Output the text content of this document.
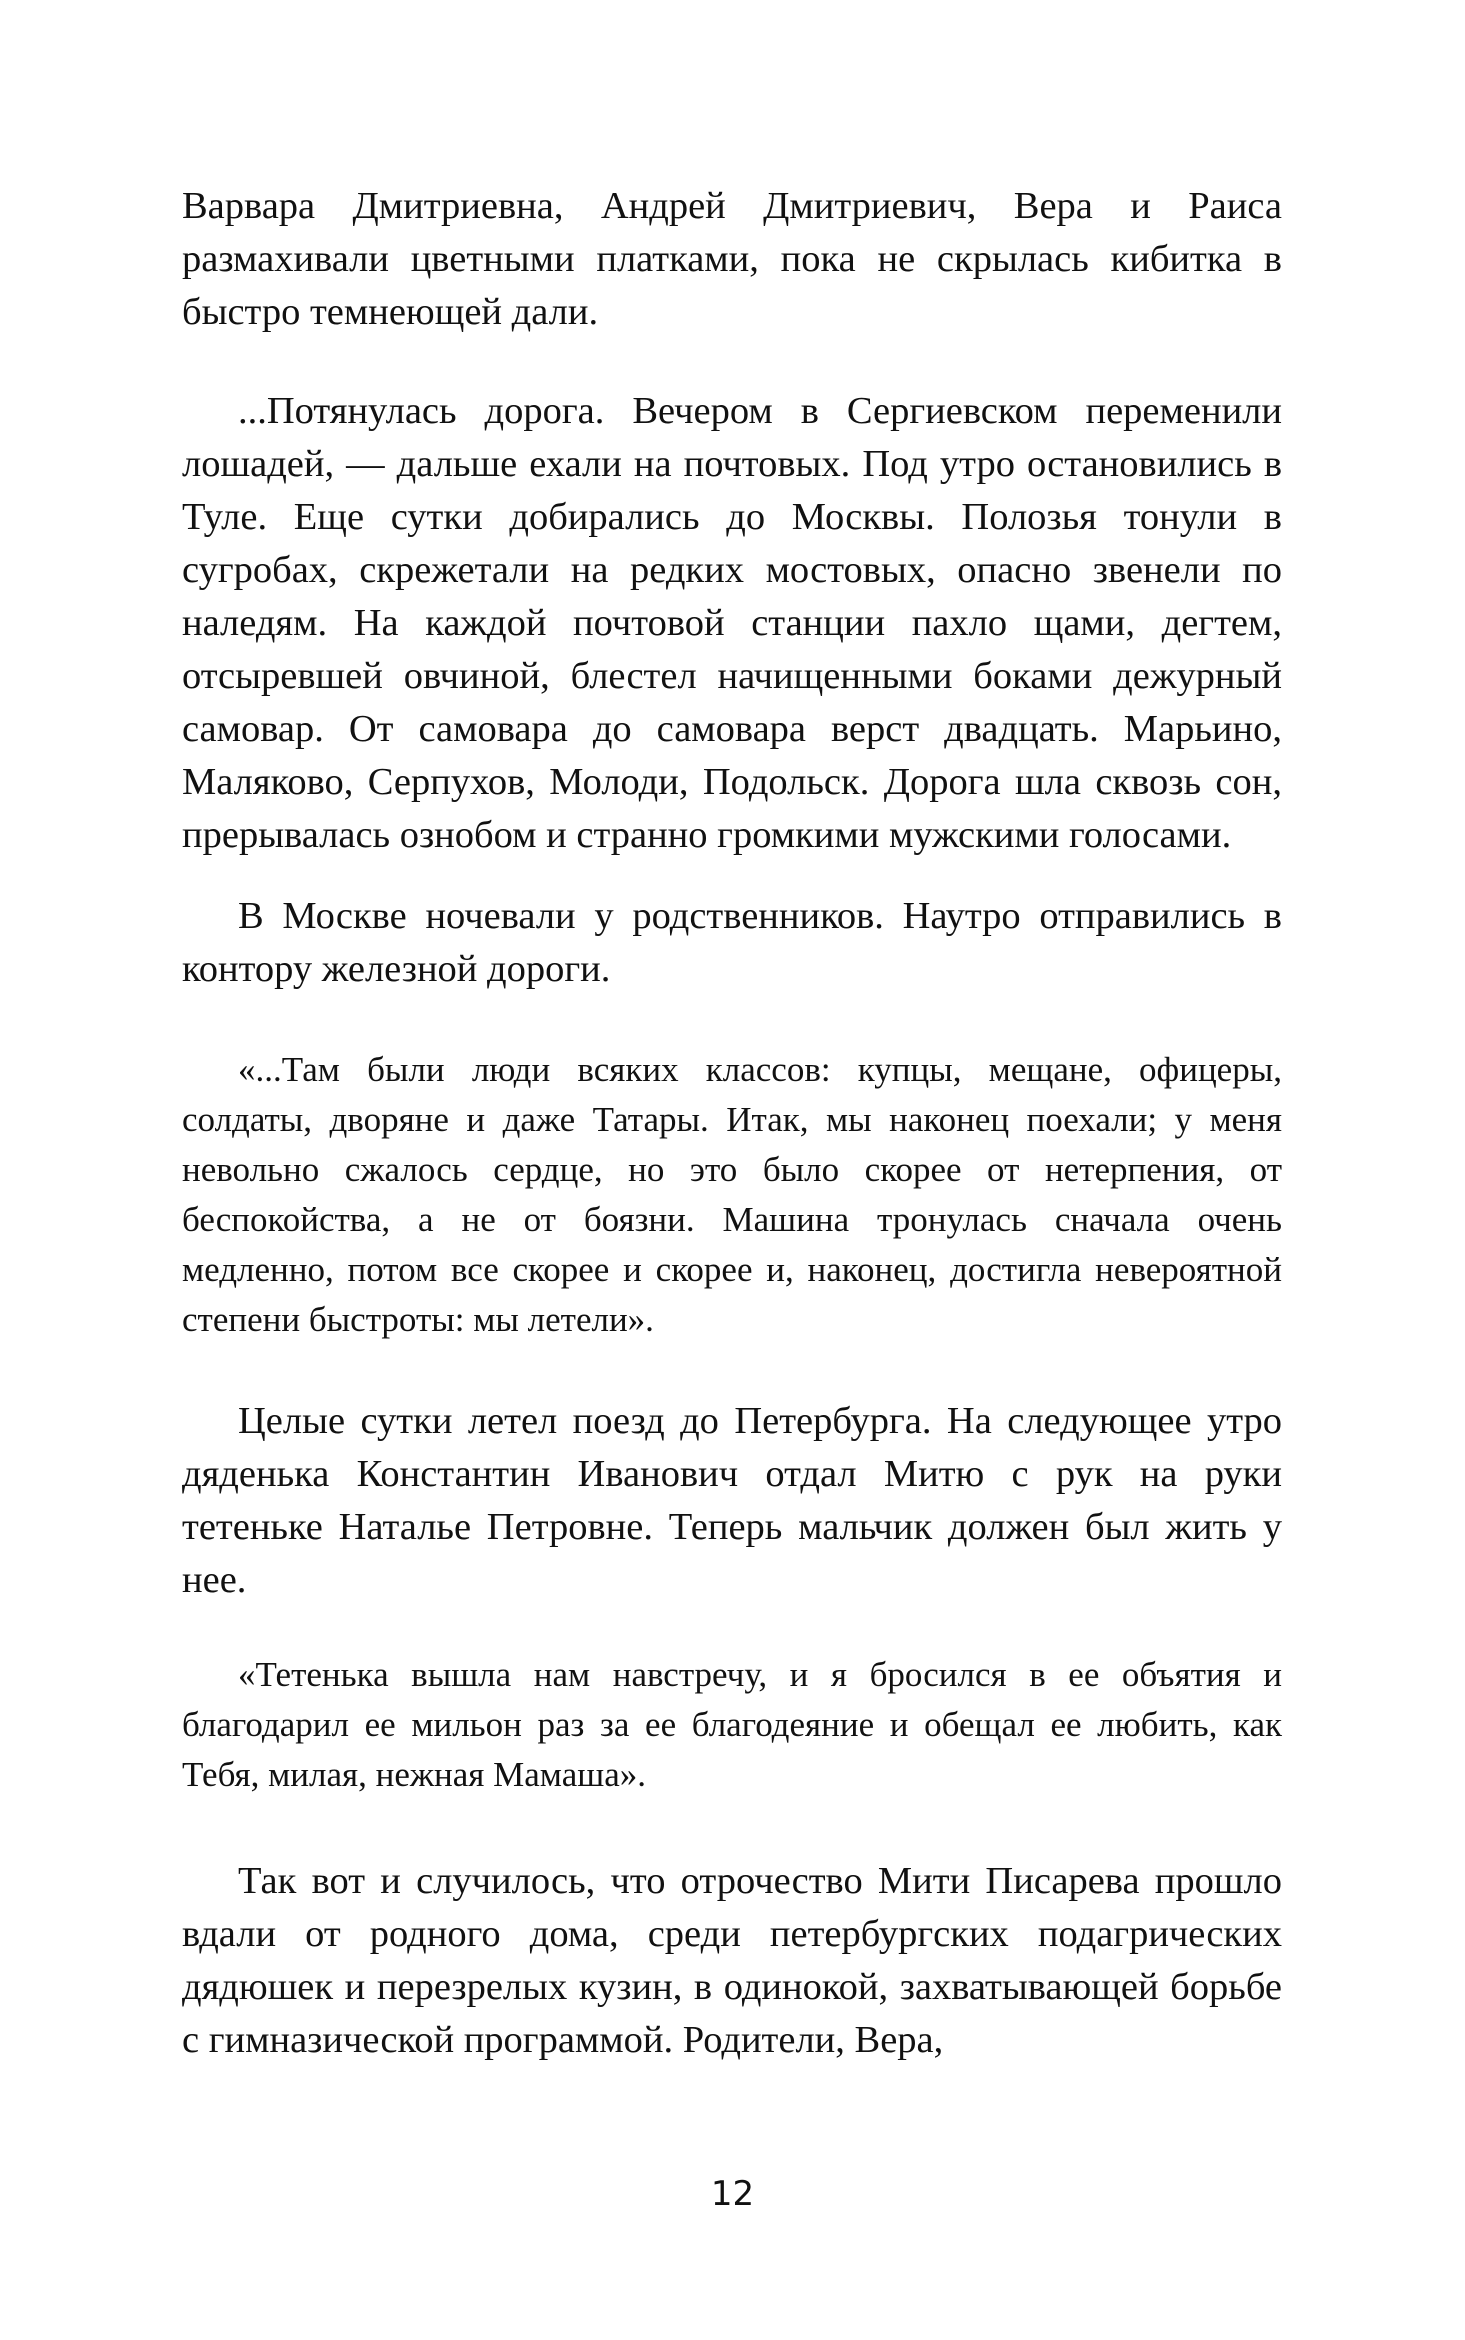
Варвара Дмитриевна, Андрей Дмитриевич, Вера и Раиса размахивали цветными платками, пока не скрылась кибитка в быстро темнеющей дали.

...Потянулась дорога. Вечером в Сергиевском переменили лошадей, — дальше ехали на почтовых. Под утро остановились в Туле. Еще сутки добирались до Москвы. Полозья тонули в сугробах, скрежетали на редких мостовых, опасно звенели по наледям. На каждой почтовой станции пахло щами, дегтем, отсыревшей овчиной, блестел начищенными боками дежурный самовар. От самовара до самовара верст двадцать. Марьино, Маляково, Серпухов, Молоди, Подольск. Дорога шла сквозь сон, прерывалась ознобом и странно громкими мужскими голосами.

В Москве ночевали у родственников. Наутро отправились в контору железной дороги.

«...Там были люди всяких классов: купцы, мещане, офицеры, солдаты, дворяне и даже Татары. Итак, мы наконец поехали; у меня невольно сжалось сердце, но это было скорее от нетерпения, от беспокойства, а не от боязни. Машина тронулась сначала очень медленно, потом все скорее и скорее и, наконец, достигла невероятной степени быстроты: мы летели».

Целые сутки летел поезд до Петербурга. На следующее утро дяденька Константин Иванович отдал Митю с рук на руки тетеньке Наталье Петровне. Теперь мальчик должен был жить у нее.

«Тетенька вышла нам навстречу, и я бросился в ее объятия и благодарил ее мильон раз за ее благодеяние и обещал ее любить, как Тебя, милая, нежная Мамаша».

Так вот и случилось, что отрочество Мити Писарева прошло вдали от родного дома, среди петербургских подагрических дядюшек и перезрелых кузин, в одинокой, захватывающей борьбе с гимназической программой. Родители, Вера,

12
